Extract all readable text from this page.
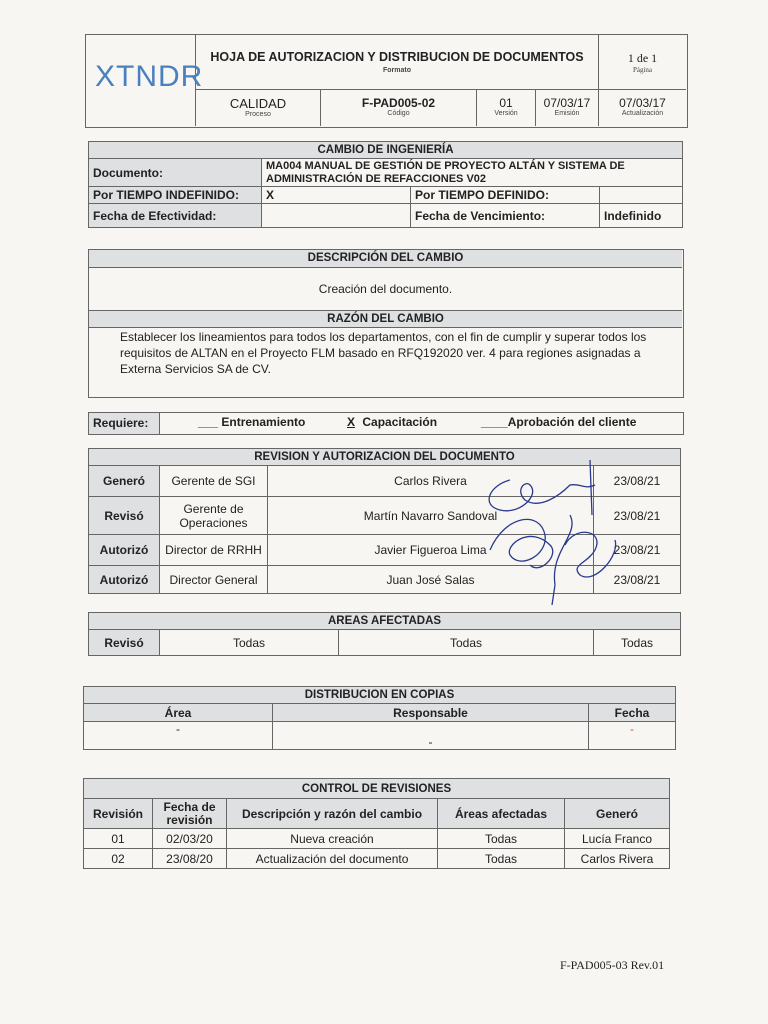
XTNDR
HOJA DE AUTORIZACION Y DISTRIBUCION DE DOCUMENTOS
Formato
1 de 1
Página
CALIDAD
Proceso
F-PAD005-02
Código
01
Versión
07/03/17
Emisión
07/03/17
Actualización
CAMBIO DE INGENIERÍA			
Documento:	MA004 MANUAL DE GESTIÓN DE PROYECTO ALTÁN Y SISTEMA DE ADMINISTRACIÓN DE REFACCIONES V02		
Por TIEMPO INDEFINIDO:	X	Por TIEMPO DEFINIDO:	
Fecha de Efectividad:		Fecha de Vencimiento:	Indefinido
DESCRIPCIÓN DEL CAMBIO
Creación del documento.
RAZÓN DEL CAMBIO
Establecer los lineamientos para todos los departamentos, con el fin de cumplir y superar todos los
requisitos de ALTAN en el Proyecto FLM basado en RFQ192020 ver. 4 para regiones asignadas a
Externa Servicios SA de CV.
Requiere:	___ Entrenamiento	X Capacitación	____Aprobación del cliente
REVISION Y AUTORIZACION DEL DOCUMENTO			
Generó	Gerente de SGI	Carlos Rivera	23/08/21
Revisó	Gerente de Operaciones	Martín Navarro Sandoval	23/08/21
Autorizó	Director de RRHH	Javier Figueroa Lima	23/08/21
Autorizó	Director General	Juan José Salas	23/08/21
AREAS AFECTADAS
Revisó	Todas	Todas	Todas
DISTRIBUCION EN COPIAS		
Área	Responsable	Fecha
-	-	-
CONTROL DE REVISIONES				
Revisión	Fecha de revisión	Descripción y razón del cambio	Áreas afectadas	Generó
01	02/03/20	Nueva creación	Todas	Lucía Franco
02	23/08/20	Actualización del documento	Todas	Carlos Rivera
F-PAD005-03 Rev.01
